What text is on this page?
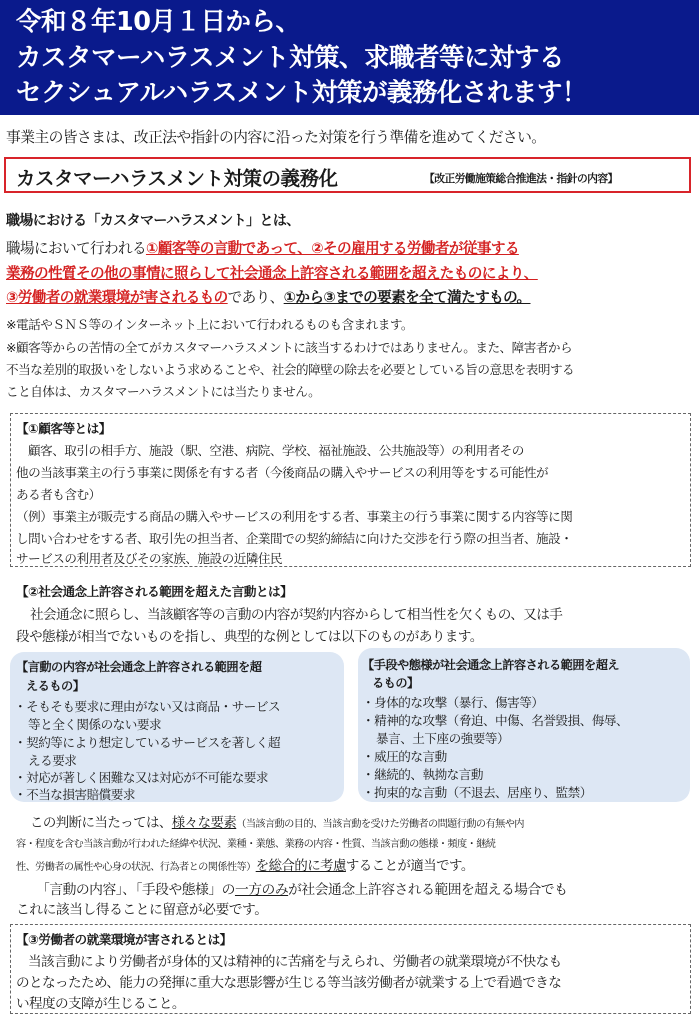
令和８年10月１日から、
カスタマーハラスメント対策、求職者等に対する
セクシュアルハラスメント対策が義務化されます！
事業主の皆さまは、改正法や指針の内容に沿った対策を行う準備を進めてください。
カスタマーハラスメント対策の義務化	【改正労働施策総合推進法・指針の内容】
職場における「カスタマーハラスメント」とは、
職場において行われる①顧客等の言動であって、②その雇用する労働者が従事する
業務の性質その他の事情に照らして社会通念上許容される範囲を超えたものにより、
③労働者の就業環境が害されるものであり、①から③までの要素を全て満たすもの。
※電話やＳＮＳ等のインターネット上において行われるものも含まれます。
※顧客等からの苦情の全てがカスタマーハラスメントに該当するわけではありません。また、障害者から
不当な差別的取扱いをしないよう求めることや、社会的障壁の除去を必要としている旨の意思を表明する
こと自体は、カスタマーハラスメントには当たりません。
【①顧客等とは】
顧客、取引の相手方、施設（駅、空港、病院、学校、福祉施設、公共施設等）の利用者その
他の当該事業主の行う事業に関係を有する者（今後商品の購入やサービスの利用等をする可能性が
ある者も含む）
（例）事業主が販売する商品の購入やサービスの利用をする者、事業主の行う事業に関する内容等に関
し問い合わせをする者、取引先の担当者、企業間での契約締結に向けた交渉を行う際の担当者、施設・
サービスの利用者及びその家族、施設の近隣住民
【②社会通念上許容される範囲を超えた言動とは】
社会通念に照らし、当該顧客等の言動の内容が契約内容からして相当性を欠くもの、又は手
段や態様が相当でないものを指し、典型的な例としては以下のものがあります。
【言動の内容が社会通念上許容される範囲を超
えるもの】
・そもそも要求に理由がない又は商品・サービス
等と全く関係のない要求
・契約等により想定しているサービスを著しく超
える要求
・対応が著しく困難な又は対応が不可能な要求
・不当な損害賠償要求
【手段や態様が社会通念上許容される範囲を超え
るもの】
・身体的な攻撃（暴行、傷害等）
・精神的な攻撃（脅迫、中傷、名誉毀損、侮辱、
暴言、土下座の強要等）
・威圧的な言動
・継続的、執拗な言動
・拘束的な言動（不退去、居座り、監禁）
この判断に当たっては、様々な要素（当該言動の目的、当該言動を受けた労働者の問題行動の有無や内
容・程度を含む当該言動が行われた経緯や状況、業種・業態、業務の内容・性質、当該言動の態様・頻度・継続
性、労働者の属性や心身の状況、行為者との関係性等）を総合的に考慮することが適当です。
「言動の内容」、「手段や態様」の一方のみが社会通念上許容される範囲を超える場合でも
これに該当し得ることに留意が必要です。
【③労働者の就業環境が害されるとは】
当該言動により労働者が身体的又は精神的に苦痛を与えられ、労働者の就業環境が不快なも
のとなったため、能力の発揮に重大な悪影響が生じる等当該労働者が就業する上で看過できな
い程度の支障が生じること。
